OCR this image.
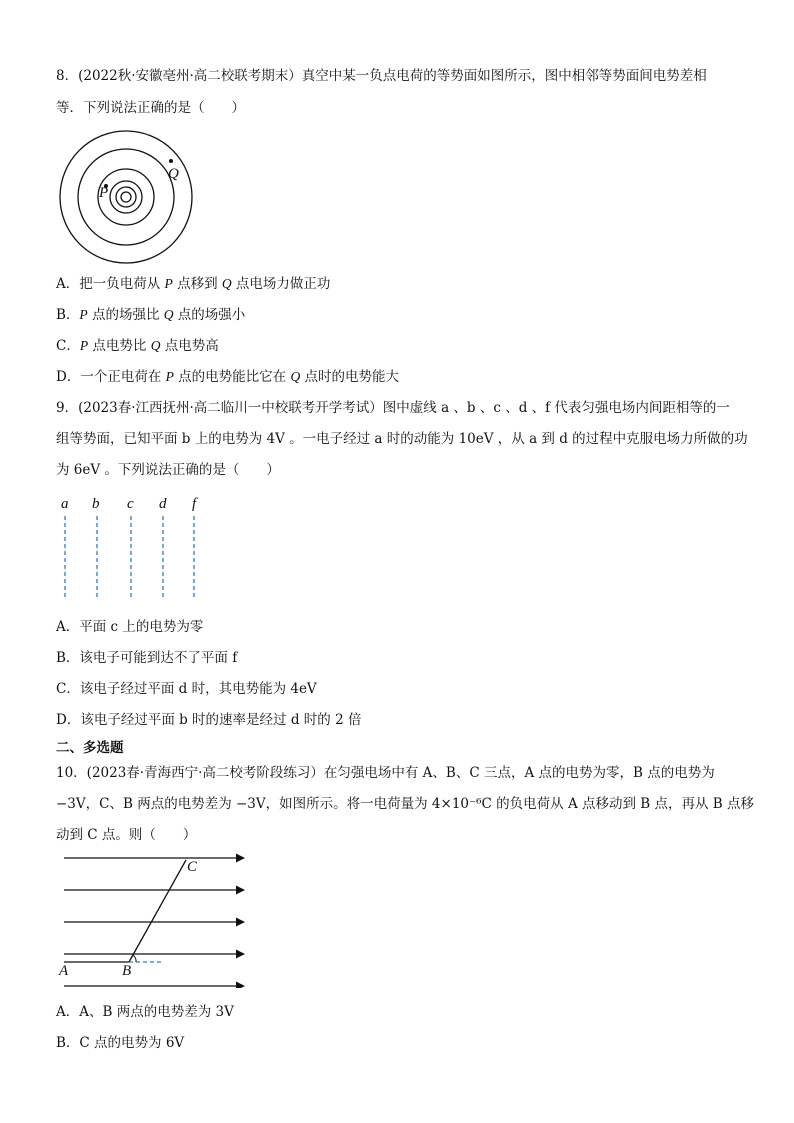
8．(2022秋·安徽亳州·高二校联考期末）真空中某一负点电荷的等势面如图所示，图中相邻等势面间电势差相
等．下列说法正确的是（　　）
Q
P
A．把一负电荷从 P 点移到 Q 点电场力做正功
B．P 点的场强比 Q 点的场强小
C．P 点电势比 Q 点电势高
D．一个正电荷在 P 点的电势能比它在 Q 点时的电势能大
9．(2023春·江西抚州·高二临川一中校联考开学考试）图中虚线 a 、b 、c 、d 、f 代表匀强电场内间距相等的一
组等势面，已知平面 b 上的电势为 4V 。一电子经过 a 时的动能为 10eV ，从 a 到 d 的过程中克服电场力所做的功
为 6eV 。下列说法正确的是（　　）
a b c d f
A．平面 c 上的电势为零
B．该电子可能到达不了平面 f
C．该电子经过平面 d 时，其电势能为 4eV
D．该电子经过平面 b 时的速率是经过 d 时的 2 倍
二、多选题
10．(2023春·青海西宁·高二校考阶段练习）在匀强电场中有 A、B、C 三点，A 点的电势为零，B 点的电势为
−3V，C、B 两点的电势差为 −3V，如图所示。将一电荷量为 4×10⁻⁶C 的负电荷从 A 点移动到 B 点，再从 B 点移
动到 C 点。则（　　）
A	B
C
A．A、B 两点的电势差为 3V
B．C 点的电势为 6V
